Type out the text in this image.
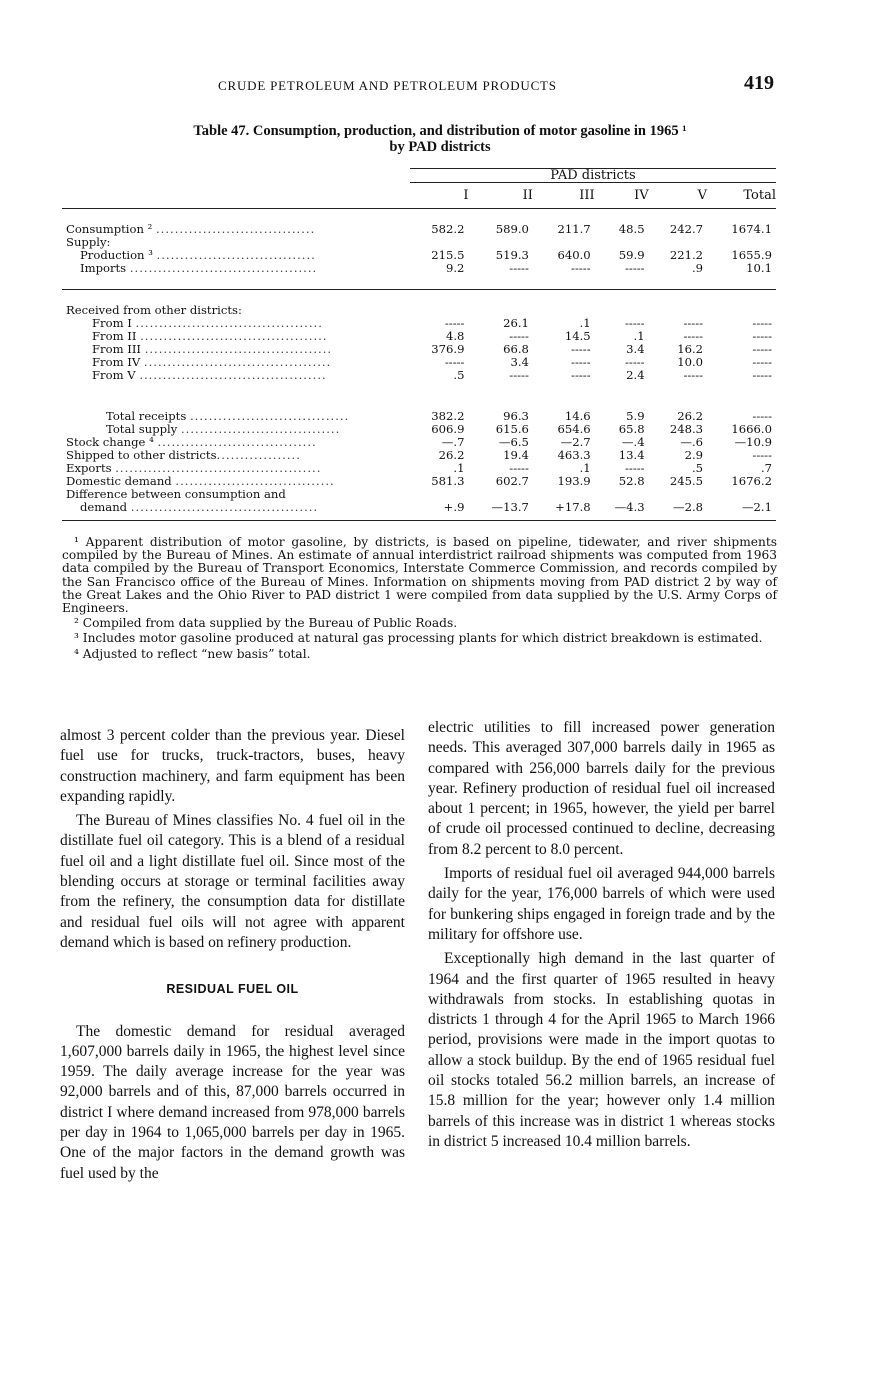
CRUDE PETROLEUM AND PETROLEUM PRODUCTS	419
Table 47. Consumption, production, and distribution of motor gasoline in 1965 ¹
by PAD districts
	PAD districts					
	I	II	III	IV	V	Total

Consumption ² ..................................	582.2	589.0	211.7	48.5	242.7	1674.1
Supply:						
Production ³ ..................................	215.5	519.3	640.0	59.9	221.2	1655.9
Imports ........................................	9.2	-----	-----	-----	.9	10.1

Received from other districts:						
From I ........................................	-----	26.1	.1	-----	-----	-----
From II ........................................	4.8	-----	14.5	.1	-----	-----
From III ........................................	376.9	66.8	-----	3.4	16.2	-----
From IV ........................................	-----	3.4	-----	-----	10.0	-----
From V ........................................	.5	-----	-----	2.4	-----	-----

Total receipts ..................................	382.2	96.3	14.6	5.9	26.2	-----
Total supply ..................................	606.9	615.6	654.6	65.8	248.3	1666.0
Stock change ⁴ ..................................	—.7	—6.5	—2.7	—.4	—.6	—10.9
Shipped to other districts..................	26.2	19.4	463.3	13.4	2.9	-----
Exports ............................................	.1	-----	.1	-----	.5	.7
Domestic demand ..................................	581.3	602.7	193.9	52.8	245.5	1676.2
Difference between consumption and						
demand ........................................	+.9	—13.7	+17.8	—4.3	—2.8	—2.1

¹ Apparent distribution of motor gasoline, by districts, is based on pipeline, tidewater, and river shipments compiled by the Bureau of Mines. An estimate of annual interdistrict railroad shipments was computed from 1963 data compiled by the Bureau of Transport Economics, Interstate Commerce Commission, and records compiled by the San Francisco office of the Bureau of Mines. Information on shipments moving from PAD district 2 by way of the Great Lakes and the Ohio River to PAD district 1 were compiled from data supplied by the U.S. Army Corps of Engineers.

² Compiled from data supplied by the Bureau of Public Roads.

³ Includes motor gasoline produced at natural gas processing plants for which district breakdown is estimated.

⁴ Adjusted to reflect “new basis” total.

almost 3 percent colder than the previous year. Diesel fuel use for trucks, truck-tractors, buses, heavy construction machinery, and farm equipment has been expanding rapidly.

The Bureau of Mines classifies No. 4 fuel oil in the distillate fuel oil category. This is a blend of a residual fuel oil and a light distillate fuel oil. Since most of the blending occurs at storage or terminal facilities away from the refinery, the consumption data for distillate and residual fuel oils will not agree with apparent demand which is based on refinery production.

RESIDUAL FUEL OIL

The domestic demand for residual averaged 1,607,000 barrels daily in 1965, the highest level since 1959. The daily average increase for the year was 92,000 barrels and of this, 87,000 barrels occurred in district I where demand increased from 978,000 barrels per day in 1964 to 1,065,000 barrels per day in 1965. One of the major factors in the demand growth was fuel used by the

electric utilities to fill increased power generation needs. This averaged 307,000 barrels daily in 1965 as compared with 256,000 barrels daily for the previous year. Refinery production of residual fuel oil increased about 1 percent; in 1965, however, the yield per barrel of crude oil processed continued to decline, decreasing from 8.2 percent to 8.0 percent.

Imports of residual fuel oil averaged 944,000 barrels daily for the year, 176,000 barrels of which were used for bunkering ships engaged in foreign trade and by the military for offshore use.

Exceptionally high demand in the last quarter of 1964 and the first quarter of 1965 resulted in heavy withdrawals from stocks. In establishing quotas in districts 1 through 4 for the April 1965 to March 1966 period, provisions were made in the import quotas to allow a stock buildup. By the end of 1965 residual fuel oil stocks totaled 56.2 million barrels, an increase of 15.8 million for the year; however only 1.4 million barrels of this increase was in district 1 whereas stocks in district 5 increased 10.4 million barrels.
